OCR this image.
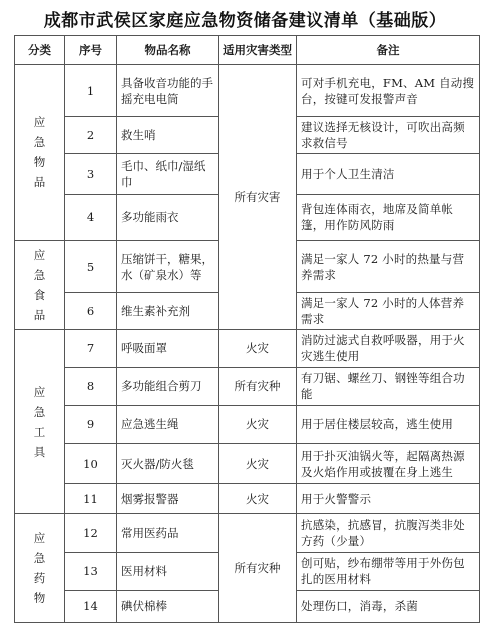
成都市武侯区家庭应急物资储备建议清单（基础版）
分类	序号	物品名称	适用灾害类型	备注
应急物品	1	具备收音功能的手摇充电电筒	所有灾害	可对手机充电，FM、AM 自动搜台，按键可发报警声音
	2	救生哨		建议选择无核设计，可吹出高频求救信号
	3	毛巾、纸巾/湿纸巾		用于个人卫生清洁
	4	多功能雨衣		背包连体雨衣，地席及简单帐篷，用作防风防雨
应急食品	5	压缩饼干，糖果，水（矿泉水）等		满足一家人 72 小时的热量与营养需求
	6	维生素补充剂		满足一家人 72 小时的人体营养需求
应急工具	7	呼吸面罩	火灾	消防过滤式自救呼吸器，用于火灾逃生使用
	8	多功能组合剪刀	所有灾种	有刀锯、螺丝刀、钢锉等组合功能
	9	应急逃生绳	火灾	用于居住楼层较高，逃生使用
	10	灭火器/防火毯	火灾	用于扑灭油锅火等，起隔离热源及火焰作用或披覆在身上逃生
	11	烟雾报警器	火灾	用于火警警示
应急药物	12	常用医药品	所有灾种	抗感染，抗感冒，抗腹泻类非处方药（少量）
	13	医用材料		创可贴，纱布绷带等用于外伤包扎的医用材料
	14	碘伏棉棒		处理伤口，消毒，杀菌
